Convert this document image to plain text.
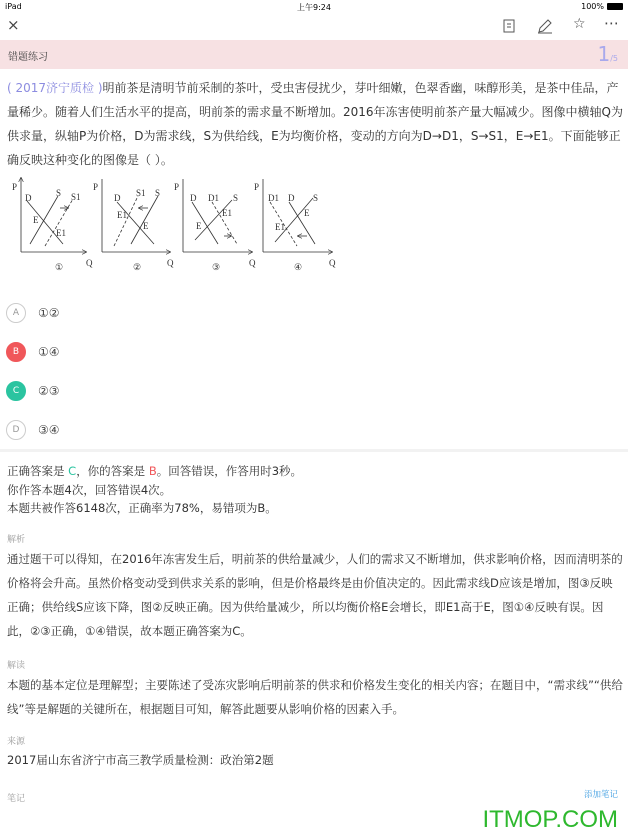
iPad	上午9:24	100%
×	☆ ⋯
错题练习	1/5
( 2017济宁质检 )明前茶是清明节前采制的茶叶，受虫害侵扰少，芽叶细嫩，色翠香幽，味醇形美，是茶中佳品，产量稀少。随着人们生活水平的提高，明前茶的需求量不断增加。2016年冻害使明前茶产量大幅减少。图像中横轴Q为供求量，纵轴P为价格，D为需求线，S为供给线，E为均衡价格，变动的方向为D→D1，S→S1，E→E1。下面能够正确反映这种变化的图像是（ ）。
P
Q
D	S S1
E
E1
①
P
Q
D S1 S
E1
E
②
P
Q
D D1 S
E1
E
③
P
Q
D1 D S
E
E1
④
A	①②
B	①④
C	②③
D	③④
正确答案是 C，你的答案是 B。回答错误，作答用时3秒。
你作答本题4次，回答错误4次。
本题共被作答6148次，正确率为78%，易错项为B。
解析
通过题干可以得知，在2016年冻害发生后，明前茶的供给量减少，人们的需求又不断增加，供求影响价格，因而清明茶的价格将会升高。虽然价格变动受到供求关系的影响，但是价格最终是由价值决定的。因此需求线D应该是增加，图③反映正确；供给线S应该下降，图②反映正确。因为供给量减少，所以均衡价格E会增长，即E1高于E，图①④反映有误。因此，②③正确，①④错误，故本题正确答案为C。
解读
本题的基本定位是理解型；主要陈述了受冻灾影响后明前茶的供求和价格发生变化的相关内容；在题目中，“需求线”“供给线”等是解题的关键所在，根据题目可知，解答此题要从影响价格的因素入手。
来源
2017届山东省济宁市高三教学质量检测：政治第2题
笔记	添加笔记
ITMOP.COM
